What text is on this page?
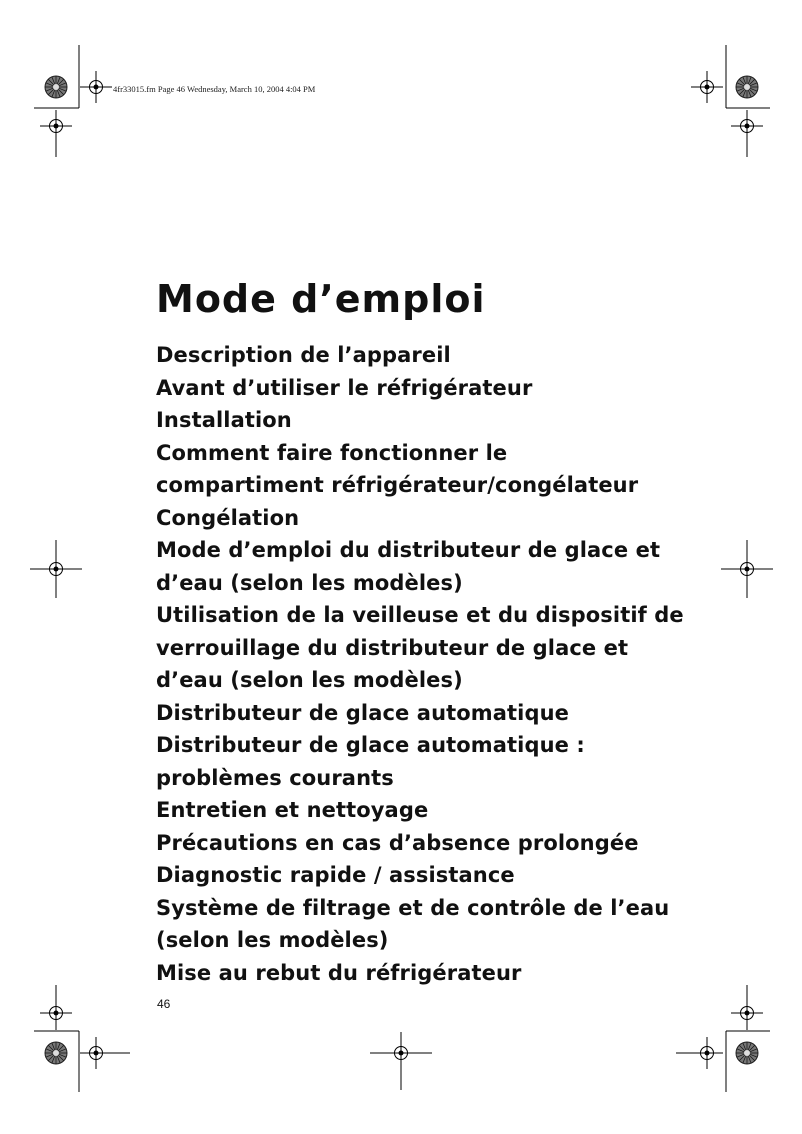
4fr33015.fm Page 46 Wednesday, March 10, 2004 4:04 PM
Mode d’emploi
Description de l’appareil
Avant d’utiliser le réfrigérateur
Installation
Comment faire fonctionner le
compartiment réfrigérateur/congélateur
Congélation
Mode d’emploi du distributeur de glace et
d’eau (selon les modèles)
Utilisation de la veilleuse et du dispositif de
verrouillage du distributeur de glace et
d’eau (selon les modèles)
Distributeur de glace automatique
Distributeur de glace automatique :
problèmes courants
Entretien et nettoyage
Précautions en cas d’absence prolongée
Diagnostic rapide / assistance
Système de filtrage et de contrôle de l’eau
(selon les modèles)
Mise au rebut du réfrigérateur
46
